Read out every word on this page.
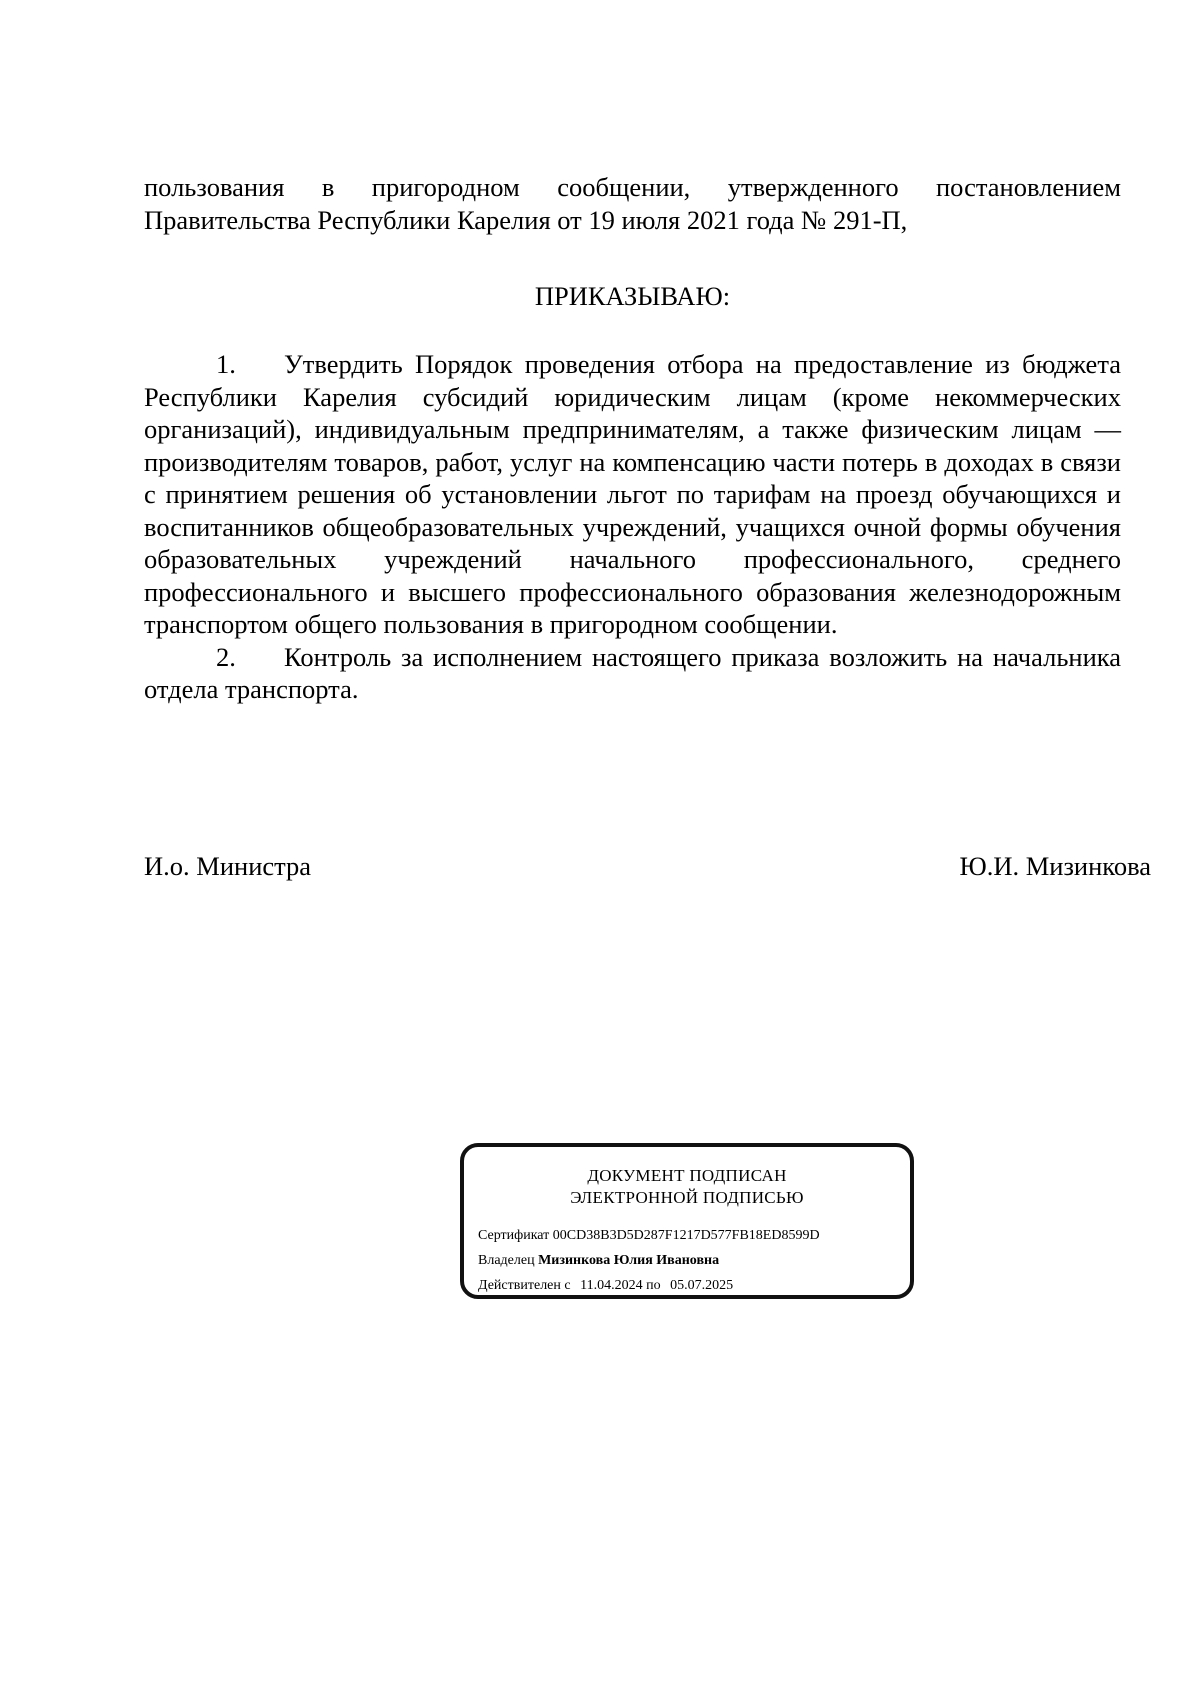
пользования в пригородном сообщении, утвержденного постановлением Правительства Республики Карелия от 19 июля 2021 года № 291-П,

ПРИКАЗЫВАЮ:

1. Утвердить Порядок проведения отбора на предоставление из бюджета Республики Карелия субсидий юридическим лицам (кроме некоммерческих организаций), индивидуальным предпринимателям, а также физическим лицам — производителям товаров, работ, услуг на компенсацию части потерь в доходах в связи с принятием решения об установлении льгот по тарифам на проезд обучающихся и воспитанников общеобразовательных учреждений, учащихся очной формы обучения образовательных учреждений начального профессионального, среднего профессионального и высшего профессионального образования железнодорожным транспортом общего пользования в пригородном сообщении.

2. Контроль за исполнением настоящего приказа возложить на начальника отдела транспорта.

И.о. Министра	Ю.И. Мизинкова
ДОКУМЕНТ ПОДПИСАН
ЭЛЕКТРОННОЙ ПОДПИСЬЮ
Сертификат 00CD38B3D5D287F1217D577FB18ED8599D
Владелец Мизинкова Юлия Ивановна
Действителен с 11.04.2024 по 05.07.2025
